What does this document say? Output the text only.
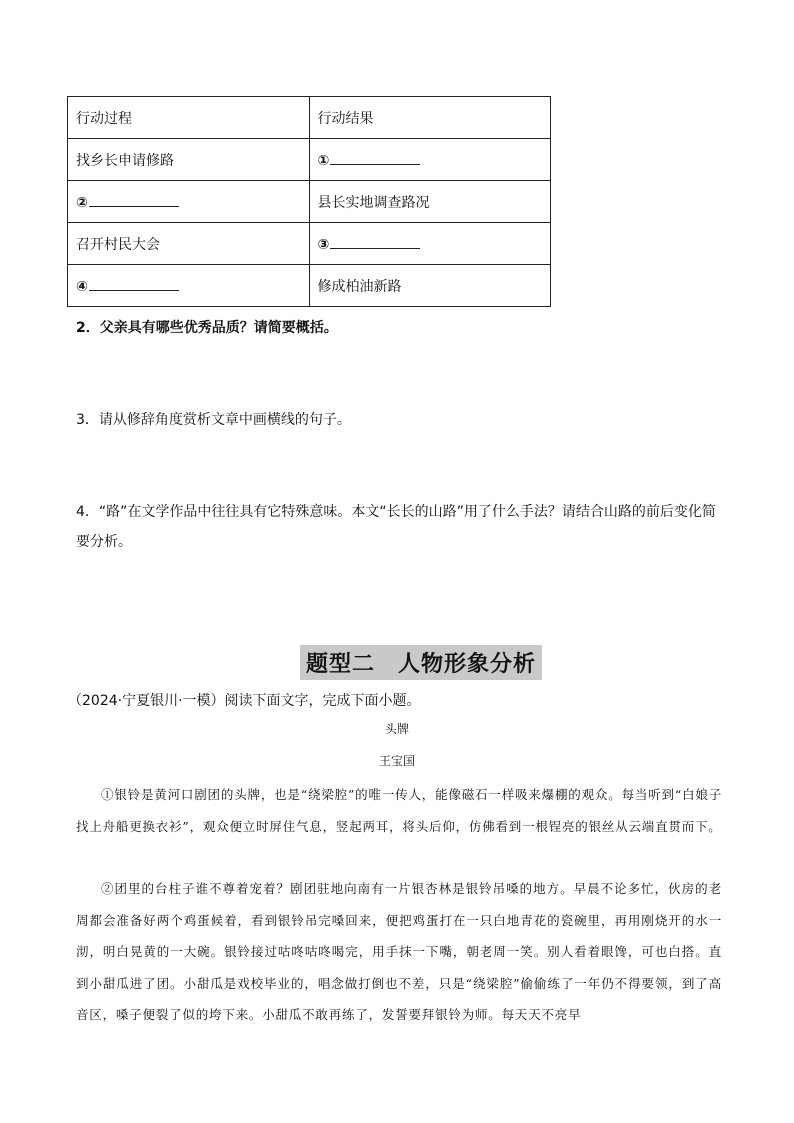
行动过程	行动结果
找乡长申请修路	①
②	县长实地调查路况
召开村民大会	③
④	修成柏油新路
2．父亲具有哪些优秀品质？请简要概括。
3．请从修辞角度赏析文章中画横线的句子。
4．“路”在文学作品中往往具有它特殊意味。本文“长长的山路”用了什么手法？请结合山路的前后变化简要分析。
题型二　人物形象分析
（2024·宁夏银川·一模）阅读下面文字，完成下面小题。
头牌
王宝国
①银铃是黄河口剧团的头牌，也是“绕梁腔”的唯一传人，能像磁石一样吸来爆棚的观众。每当听到“白娘子找上舟船更换衣衫”，观众便立时屏住气息，竖起两耳，将头后仰，仿佛看到一根锃亮的银丝从云端直贯而下。
②团里的台柱子谁不尊着宠着？剧团驻地向南有一片银杏林是银铃吊嗓的地方。早晨不论多忙，伙房的老周都会准备好两个鸡蛋候着，看到银铃吊完嗓回来，便把鸡蛋打在一只白地青花的瓷碗里，再用刚烧开的水一沏，明白晃黄的一大碗。银铃接过咕咚咕咚喝完，用手抹一下嘴，朝老周一笑。别人看着眼馋，可也白搭。直到小甜瓜进了团。小甜瓜是戏校毕业的，唱念做打倒也不差，只是“绕梁腔”偷偷练了一年仍不得要领，到了高音区，嗓子便裂了似的垮下来。小甜瓜不敢再练了，发誓要拜银铃为师。每天天不亮早
